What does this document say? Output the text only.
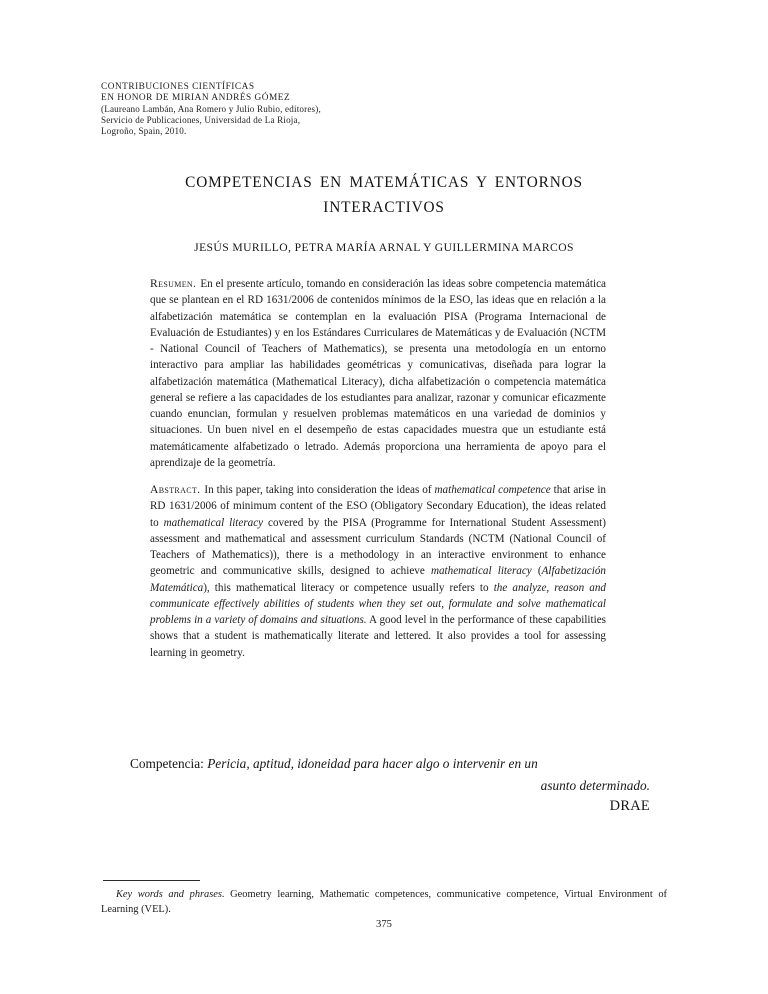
CONTRIBUCIONES CIENTÍFICAS
EN HONOR DE MIRIAN ANDRÉS GÓMEZ
(Laureano Lambán, Ana Romero y Julio Rubio, editores),
Servicio de Publicaciones, Universidad de La Rioja,
Logroño, Spain, 2010.
COMPETENCIAS EN MATEMÁTICAS Y ENTORNOS
INTERACTIVOS
JESÚS MURILLO, PETRA MARÍA ARNAL Y GUILLERMINA MARCOS

Resumen. En el presente artículo, tomando en consideración las ideas sobre competencia matemática que se plantean en el RD 1631/2006 de contenidos mínimos de la ESO, las ideas que en relación a la alfabetización matemática se contemplan en la evaluación PISA (Programa Internacional de Evaluación de Estudiantes) y en los Estándares Curriculares de Matemáticas y de Evaluación (NCTM - National Council of Teachers of Mathematics), se presenta una metodología en un entorno interactivo para ampliar las habilidades geométricas y comunicativas, diseñada para lograr la alfabetización matemática (Mathematical Literacy), dicha alfabetización o competencia matemática general se refiere a las capacidades de los estudiantes para analizar, razonar y comunicar eficazmente cuando enuncian, formulan y resuelven problemas matemáticos en una variedad de dominios y situaciones. Un buen nivel en el desempeño de estas capacidades muestra que un estudiante está matemáticamente alfabetizado o letrado. Además proporciona una herramienta de apoyo para el aprendizaje de la geometría.

Abstract. In this paper, taking into consideration the ideas of mathematical competence that arise in RD 1631/2006 of minimum content of the ESO (Obligatory Secondary Education), the ideas related to mathematical literacy covered by the PISA (Programme for International Student Assessment) assessment and mathematical and assessment curriculum Standards (NCTM (National Council of Teachers of Mathematics)), there is a methodology in an interactive environment to enhance geometric and communicative skills, designed to achieve mathematical literacy (Alfabetización Matemática), this mathematical literacy or competence usually refers to the analyze, reason and communicate effectively abilities of students when they set out, formulate and solve mathematical problems in a variety of domains and situations. A good level in the performance of these capabilities shows that a student is mathematically literate and lettered. It also provides a tool for assessing learning in geometry.

Competencia: Pericia, aptitud, idoneidad para hacer algo o intervenir en un
asunto determinado.
DRAE
Key words and phrases. Geometry learning, Mathematic competences, communicative competence, Virtual Environment of Learning (VEL).
375
